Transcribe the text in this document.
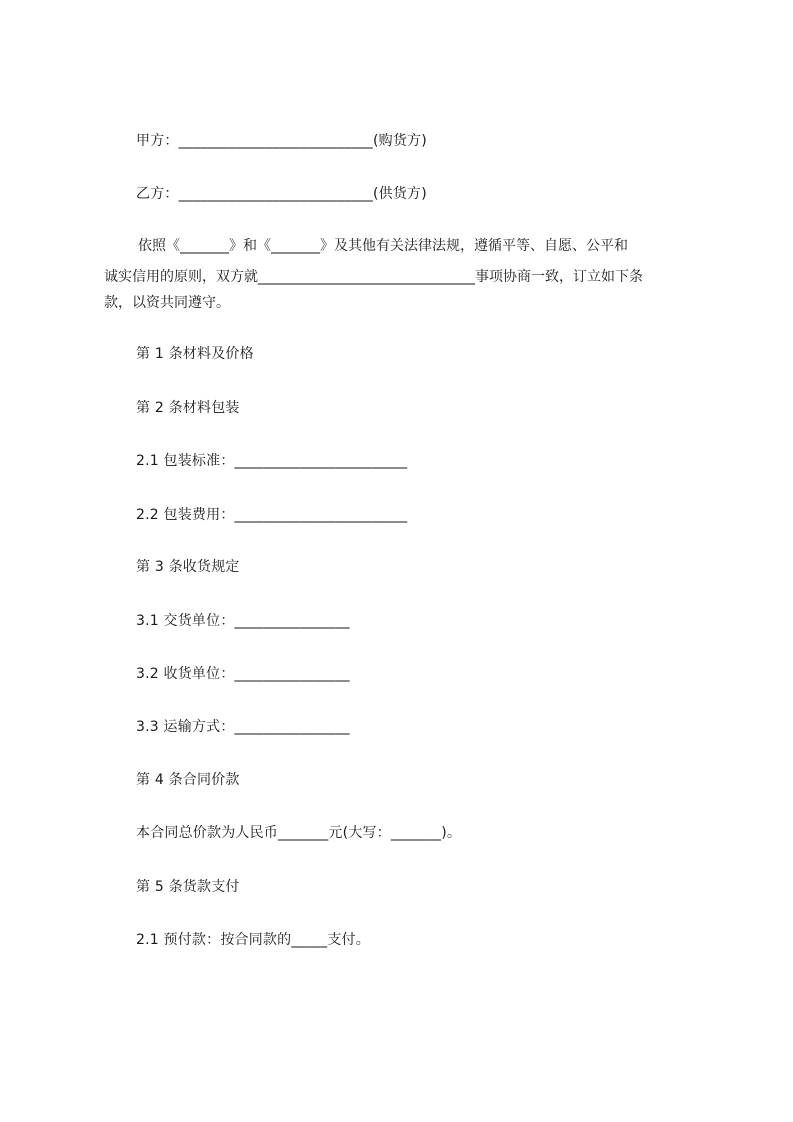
甲方：___________________________(购货方)
乙方：___________________________(供货方)
依照《_______》和《_______》及其他有关法律法规，遵循平等、自愿、公平和
诚实信用的原则，双方就_______________________________事项协商一致，订立如下条
款，以资共同遵守。
第 1 条材料及价格
第 2 条材料包装
2.1 包装标准：________________________
2.2 包装费用：________________________
第 3 条收货规定
3.1 交货单位：________________
3.2 收货单位：________________
3.3 运输方式：________________
第 4 条合同价款
本合同总价款为人民币_______元(大写：_______)。
第 5 条货款支付
2.1 预付款：按合同款的_____支付。
